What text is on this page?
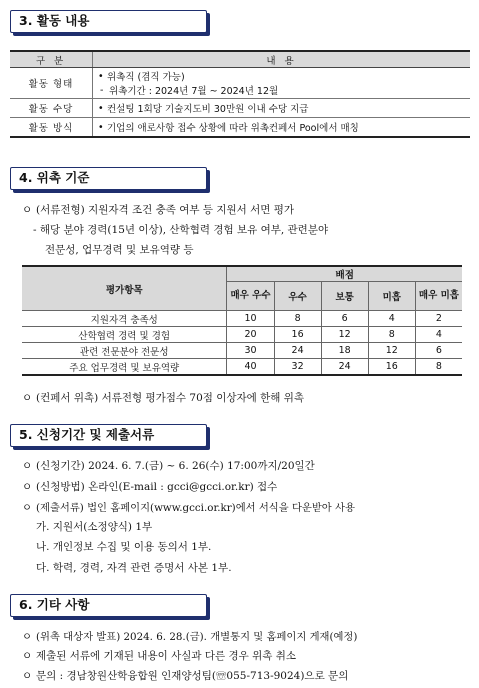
3. 활동 내용
구 분	내 용
활동 형태	• 위촉직 (겸직 가능)
- 위촉기간 : 2024년 7월 ~ 2024년 12월

활동 수당	• 컨설팅 1회당 기술지도비 30만원 이내 수당 지급

활동 방식	• 기업의 애로사항 접수 상황에 따라 위촉컨페서 Pool에서 매칭
4. 위촉 기준
ㅇ (서류전형) 지원자격 조건 충족 여부 등 지원서 서면 평가
- 해당 분야 경력(15년 이상), 산학협력 경험 보유 여부, 관련분야
전문성, 업무경력 및 보유역량 등
평가항목	배점				
	매우 우수	우수	보통	미흡	매우 미흡
지원자격 충족성	10	8	6	4	2
산학협력 경력 및 경험	20	16	12	8	4
관련 전문분야 전문성	30	24	18	12	6
주요 업무경력 및 보유역량	40	32	24	16	8
ㅇ (컨페서 위촉) 서류전형 평가점수 70점 이상자에 한해 위촉
5. 신청기간 및 제출서류
ㅇ (신청기간) 2024. 6. 7.(금) ~ 6. 26(수) 17:00까지/20일간
ㅇ (신청방법) 온라인(E-mail : gcci@gcci.or.kr) 접수
ㅇ (제출서류) 법인 홈페이지(www.gcci.or.kr)에서 서식을 다운받아 사용
가. 지원서(소정양식) 1부
나. 개인정보 수집 및 이용 동의서 1부.
다. 학력, 경력, 자격 관련 증명서 사본 1부.
6. 기타 사항
ㅇ (위촉 대상자 발표) 2024. 6. 28.(금). 개별통지 및 홈페이지 게재(예정)
ㅇ 제출된 서류에 기재된 내용이 사실과 다른 경우 위촉 취소
ㅇ 문의 : 경남창원산학융합원 인재양성팀(☏055-713-9024)으로 문의
